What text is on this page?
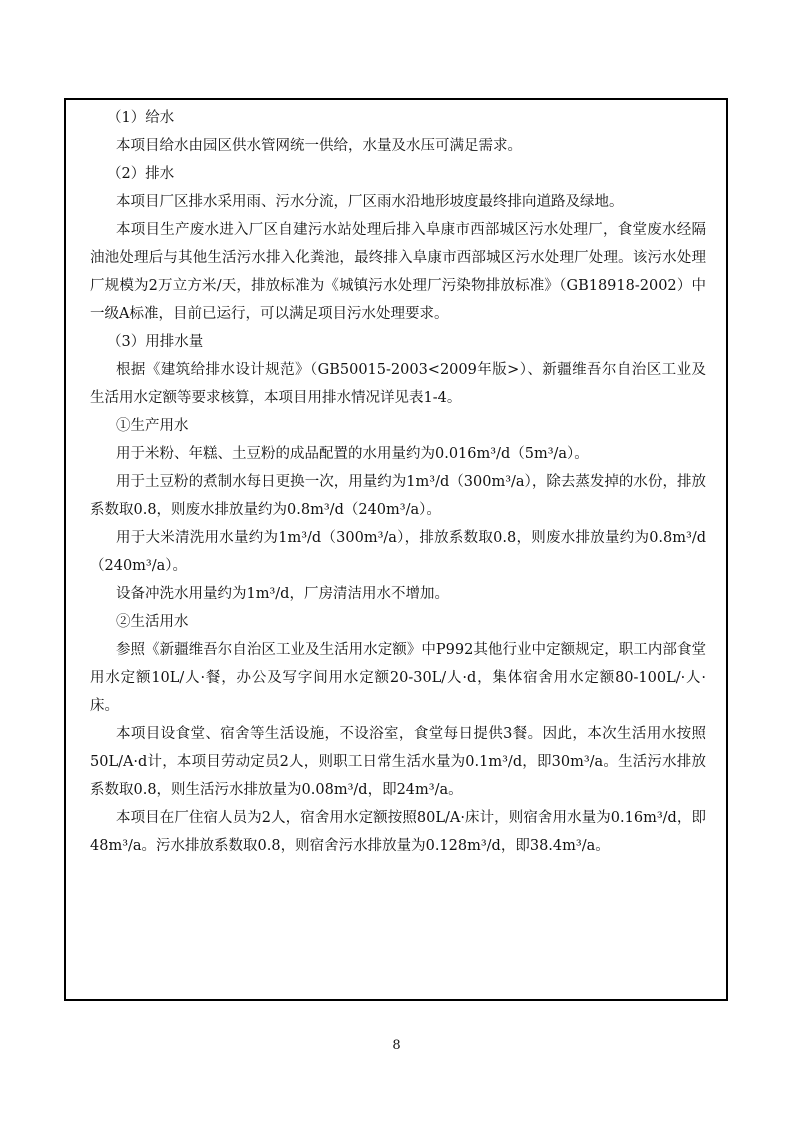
（1）给水

本项目给水由园区供水管网统一供给，水量及水压可满足需求。

（2）排水

本项目厂区排水采用雨、污水分流，厂区雨水沿地形坡度最终排向道路及绿地。

本项目生产废水进入厂区自建污水站处理后排入阜康市西部城区污水处理厂，食堂废水经隔油池处理后与其他生活污水排入化粪池，最终排入阜康市西部城区污水处理厂处理。该污水处理厂规模为2万立方米/天，排放标准为《城镇污水处理厂污染物排放标准》（GB18918-2002）中一级A标准，目前已运行，可以满足项目污水处理要求。

（3）用排水量

根据《建筑给排水设计规范》（GB50015-2003<2009年版>）、新疆维吾尔自治区工业及生活用水定额等要求核算，本项目用排水情况详见表1-4。

①生产用水

用于米粉、年糕、土豆粉的成品配置的水用量约为0.016m³/d（5m³/a）。

用于土豆粉的煮制水每日更换一次，用量约为1m³/d（300m³/a），除去蒸发掉的水份，排放系数取0.8，则废水排放量约为0.8m³/d（240m³/a）。

用于大米清洗用水量约为1m³/d（300m³/a），排放系数取0.8，则废水排放量约为0.8m³/d（240m³/a）。

设备冲洗水用量约为1m³/d，厂房清洁用水不增加。

②生活用水

参照《新疆维吾尔自治区工业及生活用水定额》中P992其他行业中定额规定，职工内部食堂用水定额10L/人·餐，办公及写字间用水定额20-30L/人·d，集体宿舍用水定额80-100L/·人·床。

本项目设食堂、宿舍等生活设施，不设浴室，食堂每日提供3餐。因此，本次生活用水按照50L/A·d计，本项目劳动定员2人，则职工日常生活水量为0.1m³/d，即30m³/a。生活污水排放系数取0.8，则生活污水排放量为0.08m³/d，即24m³/a。

本项目在厂住宿人员为2人，宿舍用水定额按照80L/A·床计，则宿舍用水量为0.16m³/d，即48m³/a。污水排放系数取0.8，则宿舍污水排放量为0.128m³/d，即38.4m³/a。

8
